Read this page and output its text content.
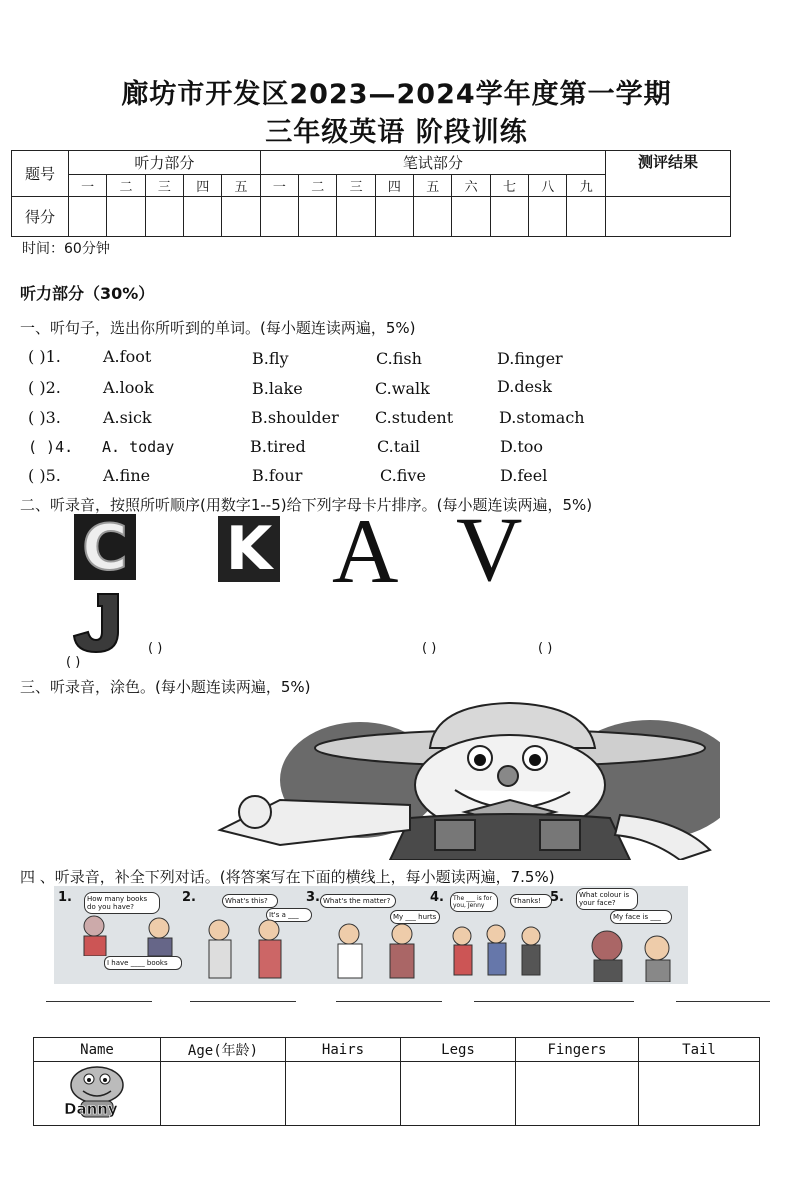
廊坊市开发区2023—2024学年度第一学期
三年级英语 阶段训练
题号	听力部分					笔试部分									测评结果
	一	二	三	四	五	一	二	三	四	五	六	七	八	九	
得分															
时间：60分钟
听力部分（30%）
一、听句子，选出你所听到的单词。(每小题连读两遍，5%)
( )1.	A.foot	B.fly	C.fish	D.finger
( )2.	A.look	B.lake	C.walk	D.desk
( )3.	A.sick	B.shoulder C.student	D.stomach
( )4. A. today	B.tired	C.tail	D.too
( )5.	A.fine	B.four	C.five	D.feel
二、听录音，按照所听顺序(用数字1--5)给下列字母卡片排序。(每小题连读两遍，5%)
C K A V
( )
( )	( )	( )
三、听录音，涂色。(每小题连读两遍，5%)
四 、听录音，补全下列对话。(将答案写在下面的横线上，每小题读两遍，7.5%)
1.	How many books do you have?
I have ____ books
2.	What's this?
It's a ___
3. What's the matter?
My ___ hurts
4.	The ___ is for you, Jenny
Thanks! 5.	What colour is your face?
My face is ___
Name	Age(年龄)	Hairs	Legs	Fingers	Tail

Danny					
